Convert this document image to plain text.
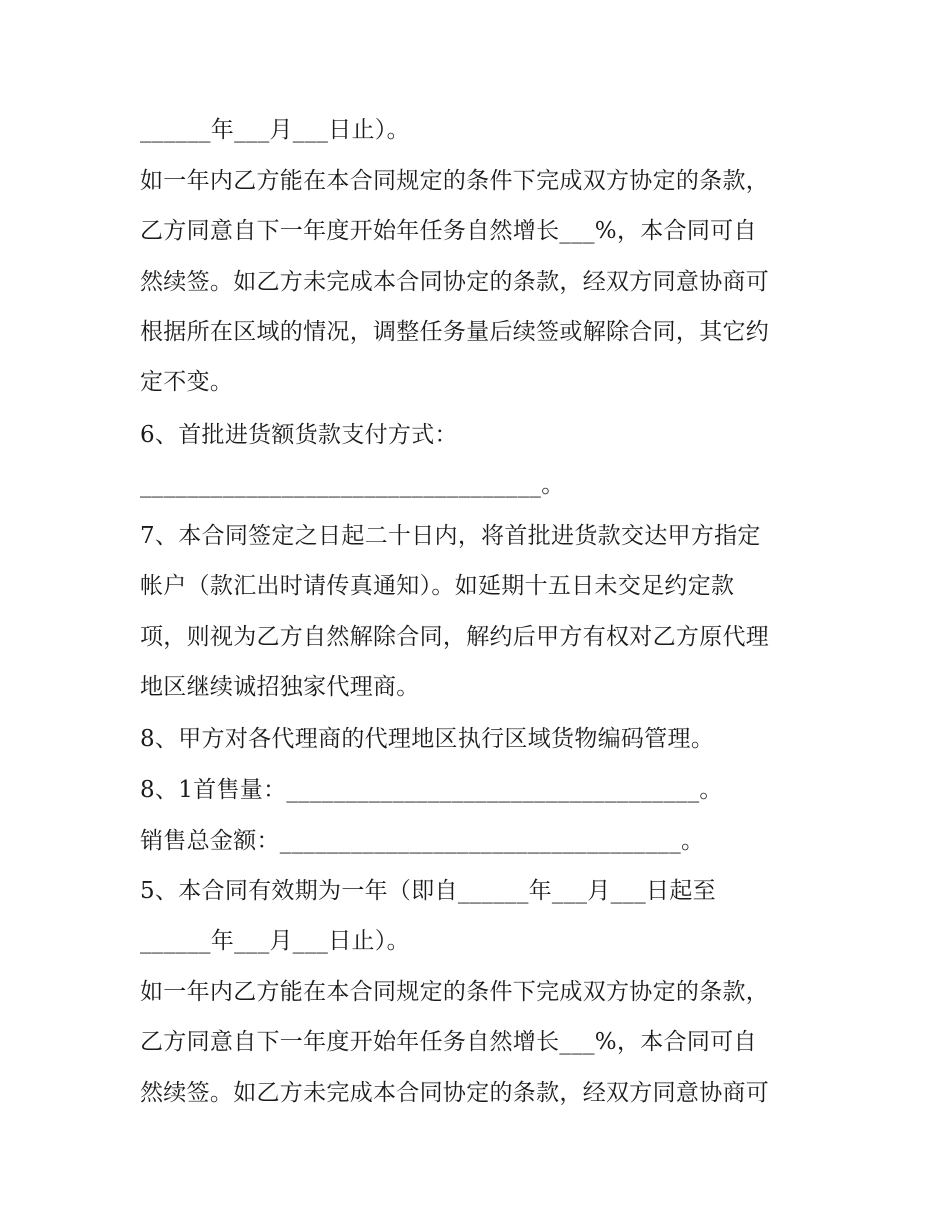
______年___月___日止）。
如一年内乙方能在本合同规定的条件下完成双方协定的条款，
乙方同意自下一年度开始年任务自然增长___%，本合同可自
然续签。如乙方未完成本合同协定的条款，经双方同意协商可
根据所在区域的情况，调整任务量后续签或解除合同，其它约
定不变。
6、首批进货额货款支付方式：
__________________________________。
7、本合同签定之日起二十日内，将首批进货款交达甲方指定
帐户（款汇出时请传真通知）。如延期十五日未交足约定款
项，则视为乙方自然解除合同，解约后甲方有权对乙方原代理
地区继续诚招独家代理商。
8、甲方对各代理商的代理地区执行区域货物编码管理。
8、1首售量：___________________________________。
销售总金额：__________________________________。
5、本合同有效期为一年（即自______年___月___日起至
______年___月___日止）。
如一年内乙方能在本合同规定的条件下完成双方协定的条款，
乙方同意自下一年度开始年任务自然增长___%，本合同可自
然续签。如乙方未完成本合同协定的条款，经双方同意协商可
